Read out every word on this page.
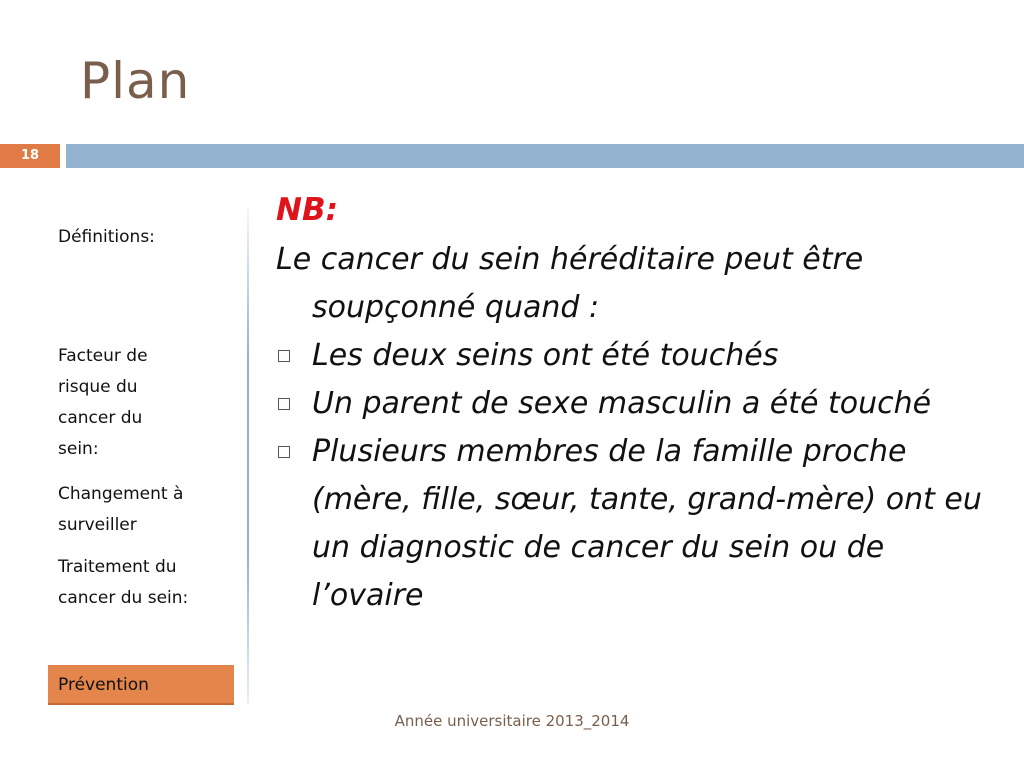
Plan
18
Définitions:
Facteur de risque du cancer du sein:
Changement à surveiller
Traitement du cancer du sein:
Prévention
NB:
Le cancer du sein héréditaire peut être soupçonné quand :
Les deux seins ont été touchés
Un parent de sexe masculin a été touché
Plusieurs membres de la famille proche (mère, fille, sœur, tante, grand-mère) ont eu un diagnostic de cancer du sein ou de l’ovaire
Année universitaire 2013_2014
